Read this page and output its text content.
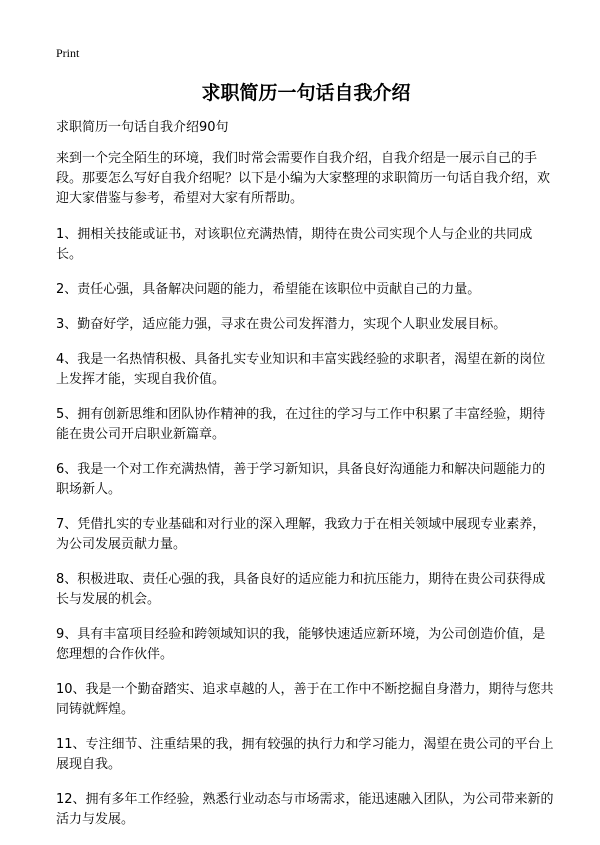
Print
求职简历一句话自我介绍

求职简历一句话自我介绍90句

来到一个完全陌生的环境，我们时常会需要作自我介绍，自我介绍是一展示自己的手段。那要怎么写好自我介绍呢？以下是小编为大家整理的求职简历一句话自我介绍，欢迎大家借鉴与参考，希望对大家有所帮助。

1、拥相关技能或证书，对该职位充满热情，期待在贵公司实现个人与企业的共同成长。

2、责任心强，具备解决问题的能力，希望能在该职位中贡献自己的力量。

3、勤奋好学，适应能力强，寻求在贵公司发挥潜力，实现个人职业发展目标。

4、我是一名热情积极、具备扎实专业知识和丰富实践经验的求职者，渴望在新的岗位上发挥才能，实现自我价值。

5、拥有创新思维和团队协作精神的我，在过往的学习与工作中积累了丰富经验，期待能在贵公司开启职业新篇章。

6、我是一个对工作充满热情，善于学习新知识，具备良好沟通能力和解决问题能力的职场新人。

7、凭借扎实的专业基础和对行业的深入理解，我致力于在相关领域中展现专业素养，为公司发展贡献力量。

8、积极进取、责任心强的我，具备良好的适应能力和抗压能力，期待在贵公司获得成长与发展的机会。

9、具有丰富项目经验和跨领域知识的我，能够快速适应新环境，为公司创造价值，是您理想的合作伙伴。

10、我是一个勤奋踏实、追求卓越的人，善于在工作中不断挖掘自身潜力，期待与您共同铸就辉煌。

11、专注细节、注重结果的我，拥有较强的执行力和学习能力，渴望在贵公司的平台上展现自我。

12、拥有多年工作经验，熟悉行业动态与市场需求，能迅速融入团队，为公司带来新的活力与发展。
